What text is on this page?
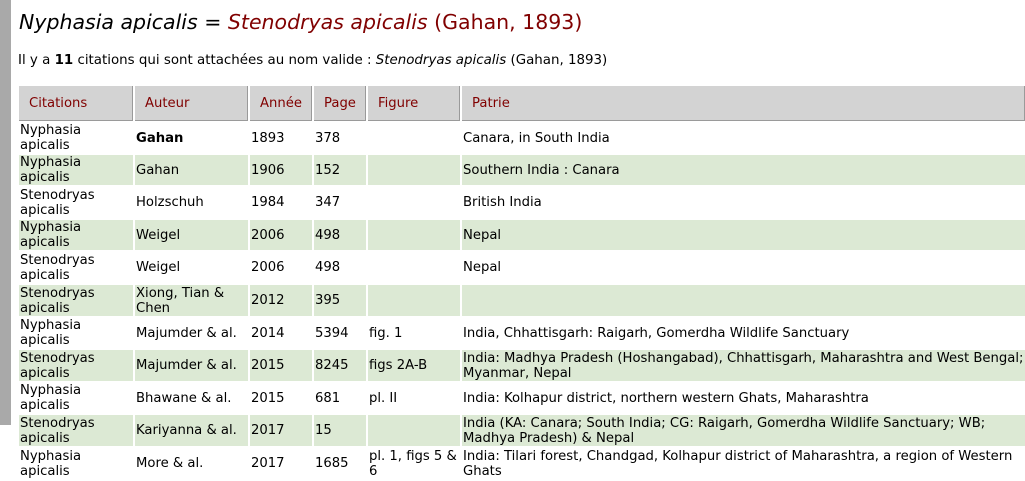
Nyphasia apicalis = Stenodryas apicalis (Gahan, 1893)
Il y a 11 citations qui sont attachées au nom valide : Stenodryas apicalis (Gahan, 1893)
Citations	Auteur	Année	Page	Figure	Patrie
Nyphasia apicalis	Gahan	1893	378		Canara, in South India
Nyphasia apicalis	Gahan	1906	152		Southern India : Canara
Stenodryas apicalis	Holzschuh	1984	347		British India
Nyphasia apicalis	Weigel	2006	498		Nepal
Stenodryas apicalis	Weigel	2006	498		Nepal
Stenodryas apicalis	Xiong, Tian & Chen	2012	395		
Nyphasia apicalis	Majumder & al.	2014	5394	fig. 1	India, Chhattisgarh: Raigarh, Gomerdha Wildlife Sanctuary
Stenodryas apicalis	Majumder & al.	2015	8245	figs 2A-B	India: Madhya Pradesh (Hoshangabad), Chhattisgarh, Maharashtra and West Bengal; Myanmar, Nepal
Nyphasia apicalis	Bhawane & al.	2015	681	pl. II	India: Kolhapur district, northern western Ghats, Maharashtra
Stenodryas apicalis	Kariyanna & al.	2017	15		India (KA: Canara; South India; CG: Raigarh, Gomerdha Wildlife Sanctuary; WB; Madhya Pradesh) & Nepal
Nyphasia apicalis	More & al.	2017	1685	pl. 1, figs 5 & 6	India: Tilari forest, Chandgad, Kolhapur district of Maharashtra, a region of Western Ghats
